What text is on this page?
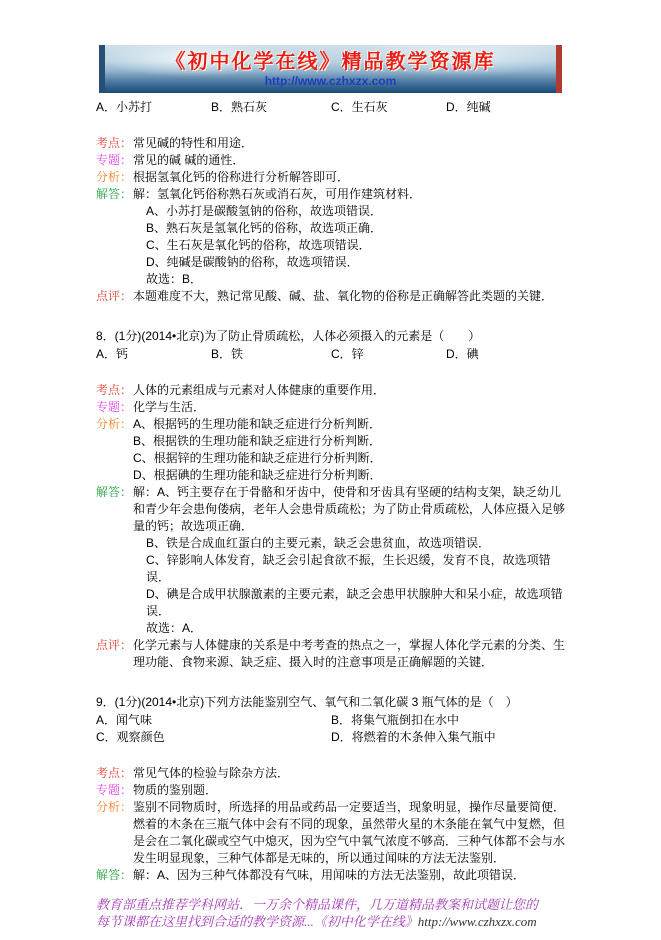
《初中化学在线》精品教学资源库
http://www.czhxzx.com
A．小苏打	B．熟石灰	C．生石灰	D．纯碱
考点： 常见碱的特性和用途．

专题： 常见的碱 碱的通性．

分析： 根据氢氧化钙的俗称进行分析解答即可．

解答： 解：氢氧化钙俗称熟石灰或消石灰，可用作建筑材料．

A、小苏打是碳酸氢钠的俗称，故选项错误．

B、熟石灰是氢氧化钙的俗称，故选项正确．

C、生石灰是氧化钙的俗称，故选项错误．

D、纯碱是碳酸钠的俗称，故选项错误．

故选：B．

点评： 本题难度不大，熟记常见酸、碱、盐、氧化物的俗称是正确解答此类题的关键．

8．(1分)(2014•北京)为了防止骨质疏松，人体必须摄入的元素是（　　）

A．钙	B．铁	C．锌	D．碘
考点： 人体的元素组成与元素对人体健康的重要作用．

专题： 化学与生活．

分析： A、根据钙的生理功能和缺乏症进行分析判断．

B、根据铁的生理功能和缺乏症进行分析判断．

C、根据锌的生理功能和缺乏症进行分析判断．

D、根据碘的生理功能和缺乏症进行分析判断．

解答： 解：A、钙主要存在于骨骼和牙齿中，使骨和牙齿具有坚硬的结构支架，缺乏幼儿和青少年会患佝偻病，老年人会患骨质疏松；为了防止骨质疏松，人体应摄入足够量的钙；故选项正确．

B、铁是合成血红蛋白的主要元素，缺乏会患贫血，故选项错误．

C、锌影响人体发育，缺乏会引起食欲不振，生长迟缓，发育不良，故选项错误．

D、碘是合成甲状腺激素的主要元素，缺乏会患甲状腺肿大和呆小症，故选项错误．

故选：A．

点评： 化学元素与人体健康的关系是中考考查的热点之一，掌握人体化学元素的分类、生理功能、食物来源、缺乏症、摄入时的注意事项是正确解题的关键．

9．(1分)(2014•北京)下列方法能鉴别空气、氧气和二氧化碳 3 瓶气体的是（　）

A．闻气味	B．将集气瓶倒扣在水中
C．观察颜色	D．将燃着的木条伸入集气瓶中
考点： 常见气体的检验与除杂方法．

专题： 物质的鉴别题．

分析： 鉴别不同物质时，所选择的用品或药品一定要适当，现象明显，操作尽量要简便．燃着的木条在三瓶气体中会有不同的现象，虽然带火星的木条能在氧气中复燃，但是会在二氧化碳或空气中熄灭，因为空气中氧气浓度不够高．三种气体都不会与水发生明显现象，三种气体都是无味的，所以通过闻味的方法无法鉴别．

解答： 解：A、因为三种气体都没有气味，用闻味的方法无法鉴别，故此项错误．

教育部重点推荐学科网站．一万余个精品课件，几万道精品教案和试题让您的每节课都在这里找到合适的教学资源...《初中化学在线》http://www.czhxzx.com
